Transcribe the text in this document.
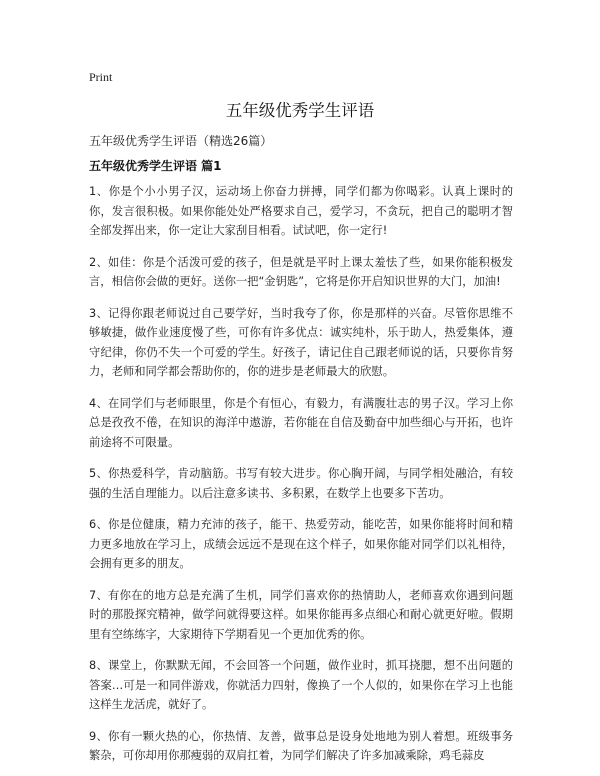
Print
五年级优秀学生评语
五年级优秀学生评语（精选26篇）
五年级优秀学生评语 篇1

1、你是个小小男子汉，运动场上你奋力拼搏，同学们都为你喝彩。认真上课时的你，发言很积极。如果你能处处严格要求自己，爱学习，不贪玩，把自己的聪明才智全部发挥出来，你一定让大家刮目相看。试试吧，你一定行!

2、如佳：你是个活泼可爱的孩子，但是就是平时上课太羞怯了些，如果你能积极发言，相信你会做的更好。送你一把“金钥匙”，它将是你开启知识世界的大门，加油!

3、记得你跟老师说过自己要学好，当时我夸了你，你是那样的兴奋。尽管你思维不够敏捷，做作业速度慢了些，可你有许多优点：诚实纯朴，乐于助人，热爱集体，遵守纪律，你仍不失一个可爱的学生。好孩子，请记住自己跟老师说的话，只要你肯努力，老师和同学都会帮助你的，你的进步是老师最大的欣慰。

4、在同学们与老师眼里，你是个有恒心，有毅力，有满腹壮志的男子汉。学习上你总是孜孜不倦，在知识的海洋中遨游，若你能在自信及勤奋中加些细心与开拓，也许前途将不可限量。

5、你热爱科学，肯动脑筋。书写有较大进步。你心胸开阔，与同学相处融洽，有较强的生活自理能力。以后注意多读书、多积累，在数学上也要多下苦功。

6、你是位健康，精力充沛的孩子，能干、热爱劳动，能吃苦，如果你能将时间和精力更多地放在学习上，成绩会远远不是现在这个样子，如果你能对同学们以礼相待，会拥有更多的朋友。

7、有你在的地方总是充满了生机，同学们喜欢你的热情助人，老师喜欢你遇到问题时的那股探究精神，做学问就得要这样。如果你能再多点细心和耐心就更好啦。假期里有空练练字，大家期待下学期看见一个更加优秀的你。

8、课堂上，你默默无闻，不会回答一个问题，做作业时，抓耳挠腮，想不出问题的答案…可是一和同伴游戏，你就活力四射，像换了一个人似的，如果你在学习上也能这样生龙活虎，就好了。

9、你有一颗火热的心，你热情、友善，做事总是设身处地地为别人着想。班级事务繁杂，可你却用你那瘦弱的双肩扛着，为同学们解决了许多加减乘除，鸡毛蒜皮
